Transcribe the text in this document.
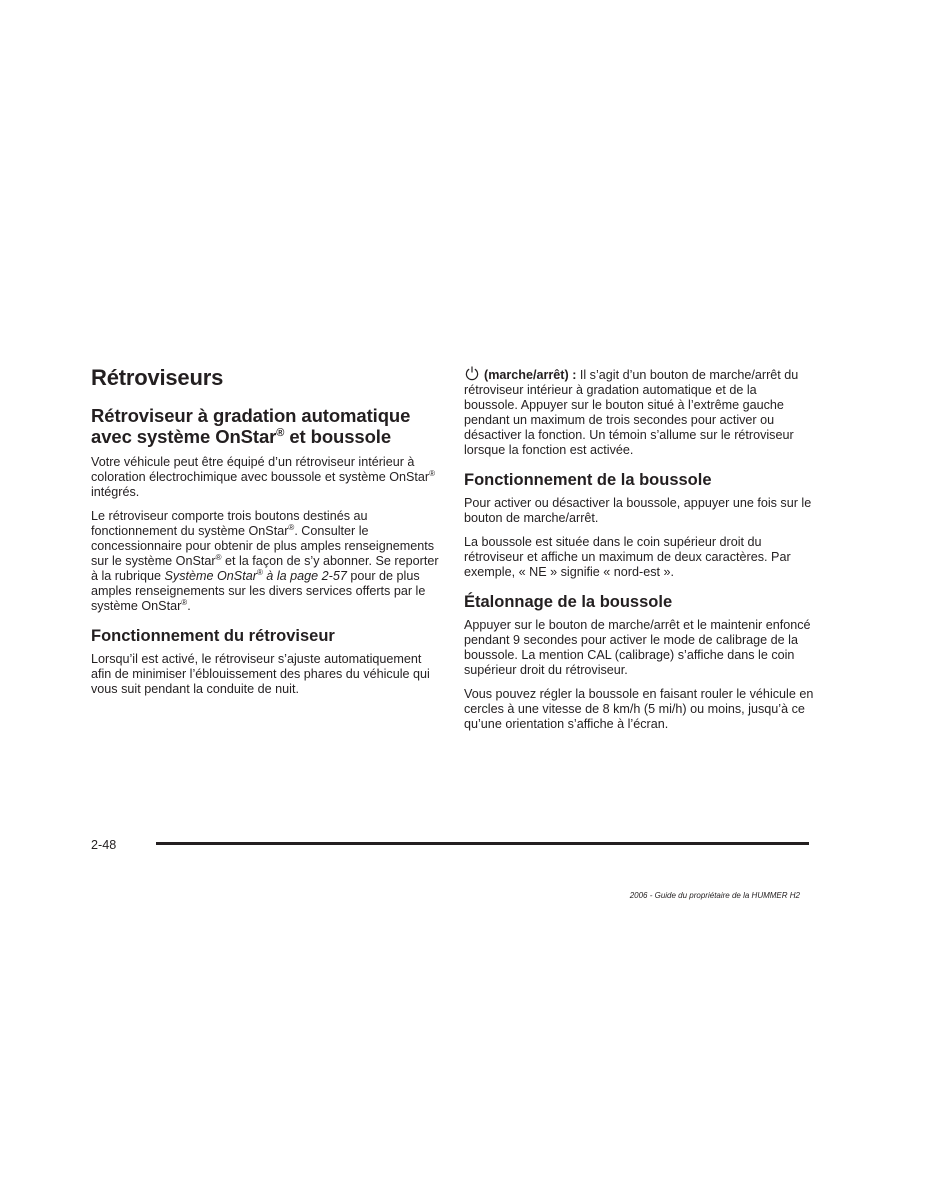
Rétroviseurs
Rétroviseur à gradation automatique
avec système OnStar® et boussole

Votre véhicule peut être équipé d’un rétroviseur intérieur à coloration électrochimique avec boussole et système OnStar® intégrés.

Le rétroviseur comporte trois boutons destinés au fonctionnement du système OnStar®. Consulter le concessionnaire pour obtenir de plus amples renseignements sur le système OnStar® et la façon de s’y abonner. Se reporter à la rubrique Système OnStar® à la page 2-57 pour de plus amples renseignements sur les divers services offerts par le système OnStar®.

Fonctionnement du rétroviseur

Lorsqu’il est activé, le rétroviseur s’ajuste automatiquement afin de minimiser l’éblouissement des phares du véhicule qui vous suit pendant la conduite de nuit.

(marche/arrêt) : Il s’agit d’un bouton de marche/arrêt du rétroviseur intérieur à gradation automatique et de la boussole. Appuyer sur le bouton situé à l’extrême gauche pendant un maximum de trois secondes pour activer ou désactiver la fonction. Un témoin s’allume sur le rétroviseur lorsque la fonction est activée.

Fonctionnement de la boussole

Pour activer ou désactiver la boussole, appuyer une fois sur le bouton de marche/arrêt.

La boussole est située dans le coin supérieur droit du rétroviseur et affiche un maximum de deux caractères. Par exemple, « NE » signifie « nord-est ».

Étalonnage de la boussole

Appuyer sur le bouton de marche/arrêt et le maintenir enfoncé pendant 9 secondes pour activer le mode de calibrage de la boussole. La mention CAL (calibrage) s’affiche dans le coin supérieur droit du rétroviseur.

Vous pouvez régler la boussole en faisant rouler le véhicule en cercles à une vitesse de 8 km/h (5 mi/h) ou moins, jusqu’à ce qu’une orientation s’affiche à l’écran.

2-48
2006 - Guide du propriétaire de la HUMMER H2
